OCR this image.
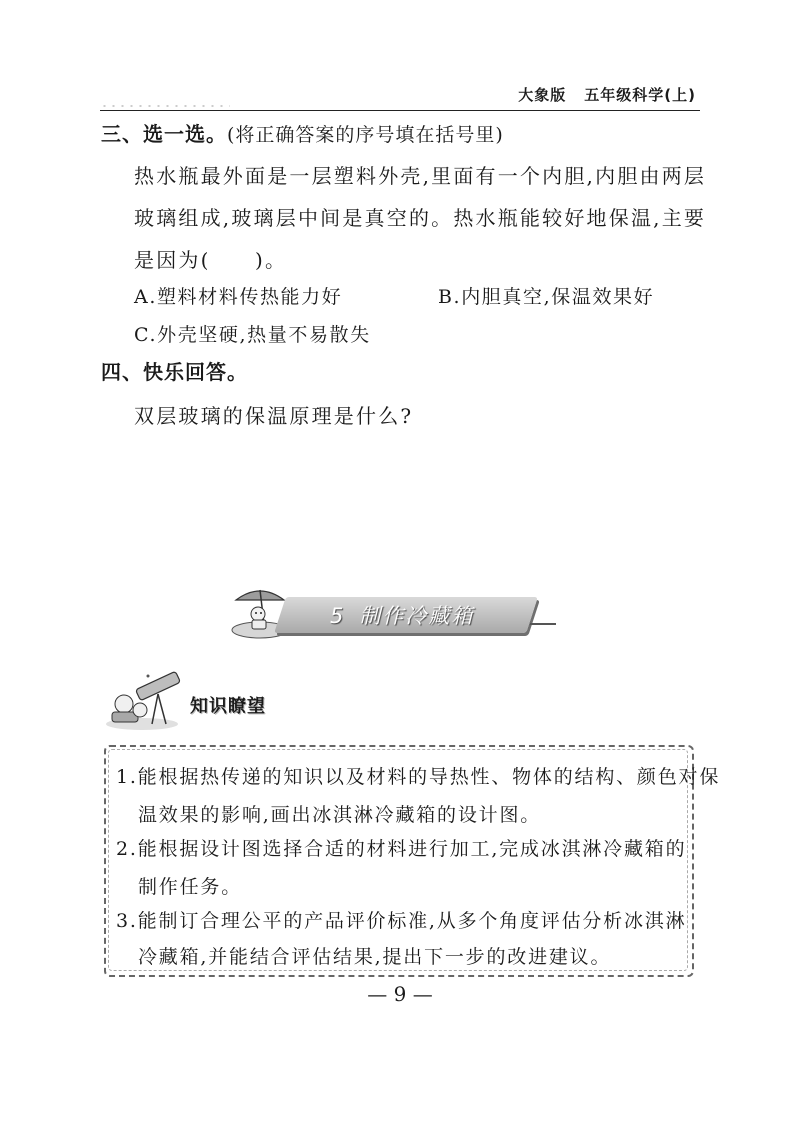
大象版 五年级科学(上)
三、选一选。(将正确答案的序号填在括号里)
热水瓶最外面是一层塑料外壳,里面有一个内胆,内胆由两层
玻璃组成,玻璃层中间是真空的。热水瓶能较好地保温,主要
是因为(　　)。
A.塑料材料传热能力好	B.内胆真空,保温效果好
C.外壳坚硬,热量不易散失
四、快乐回答。
双层玻璃的保温原理是什么?
5 制作冷藏箱
知识瞭望
1.能根据热传递的知识以及材料的导热性、物体的结构、颜色对保
温效果的影响,画出冰淇淋冷藏箱的设计图。
2.能根据设计图选择合适的材料进行加工,完成冰淇淋冷藏箱的
制作任务。
3.能制订合理公平的产品评价标准,从多个角度评估分析冰淇淋
冷藏箱,并能结合评估结果,提出下一步的改进建议。
— 9 —
